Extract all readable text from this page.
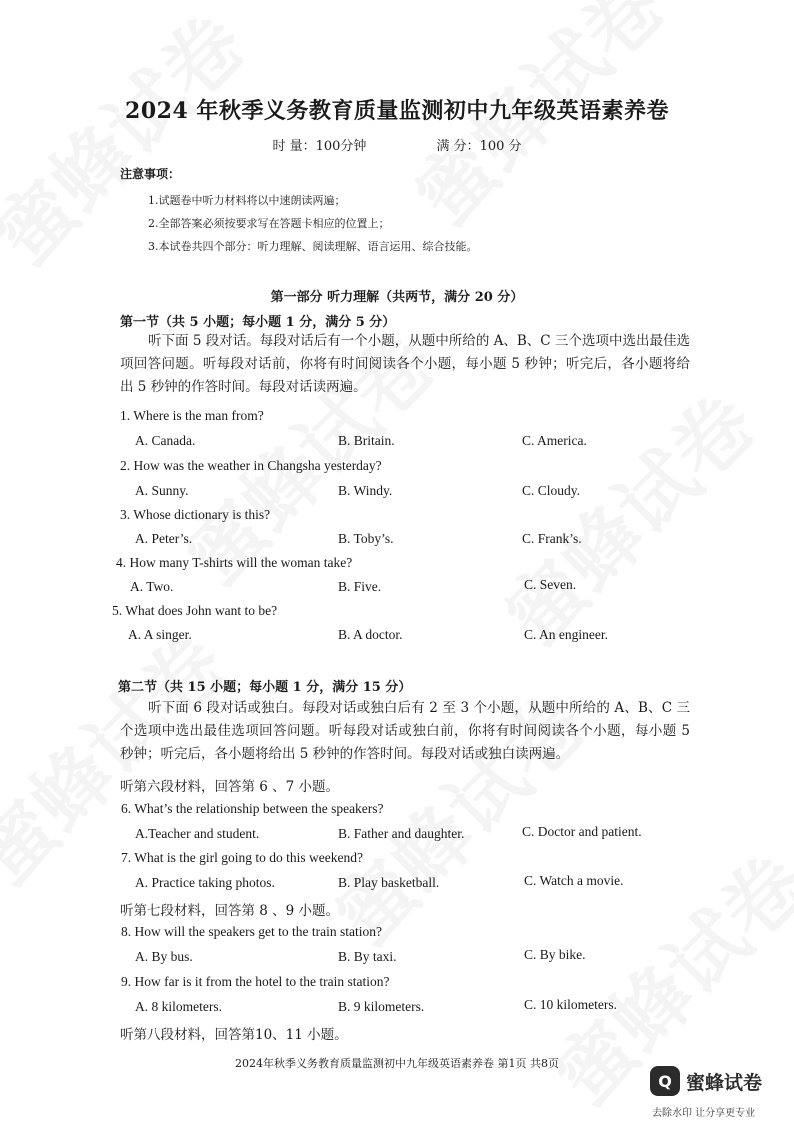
2024 年秋季义务教育质量监测初中九年级英语素养卷
时 量：100分钟	满 分：100 分
注意事项：
1.试题卷中听力材料将以中速朗读两遍；
2.全部答案必须按要求写在答题卡相应的位置上；
3.本试卷共四个部分：听力理解、阅读理解、语言运用、综合技能。
第一部分 听力理解（共两节，满分 20 分）
第一节（共 5 小题；每小题 1 分，满分 5 分）
听下面 5 段对话。每段对话后有一个小题，从题中所给的 A、B、C 三个选项中选出最佳选项回答问题。听每段对话前，你将有时间阅读各个小题，每小题 5 秒钟；听完后，各小题将给出 5 秒钟的作答时间。每段对话读两遍。
1. Where is the man from?
A. Canada.	B. Britain.	C. America.
2. How was the weather in Changsha yesterday?
A. Sunny.	B. Windy.	C. Cloudy.
3. Whose dictionary is this?
A. Peter’s.	B. Toby’s.	C. Frank’s.
4. How many T-shirts will the woman take?
A. Two.	B. Five.	C. Seven.
5. What does John want to be?
A. A singer.	B. A doctor.	C. An engineer.
第二节（共 15 小题；每小题 1 分，满分 15 分）
听下面 6 段对话或独白。每段对话或独白后有 2 至 3 个小题，从题中所给的 A、B、C 三个选项中选出最佳选项回答问题。听每段对话或独白前，你将有时间阅读各个小题，每小题 5 秒钟；听完后，各小题将给出 5 秒钟的作答时间。每段对话或独白读两遍。
听第六段材料，回答第 6 、7 小题。
6. What’s the relationship between the speakers?
A.Teacher and student.	B. Father and daughter.	C. Doctor and patient.
7. What is the girl going to do this weekend?
A. Practice taking photos.	B. Play basketball.	C. Watch a movie.
听第七段材料，回答第 8 、9 小题。
8. How will the speakers get to the train station?
A. By bus.	B. By taxi.	C. By bike.
9. How far is it from the hotel to the train station?
A. 8 kilometers.	B. 9 kilometers.	C. 10 kilometers.
听第八段材料，回答第10、11 小题。
2024年秋季义务教育质量监测初中九年级英语素养卷 第1页 共8页
Q 蜜蜂试卷
去除水印 让分享更专业
